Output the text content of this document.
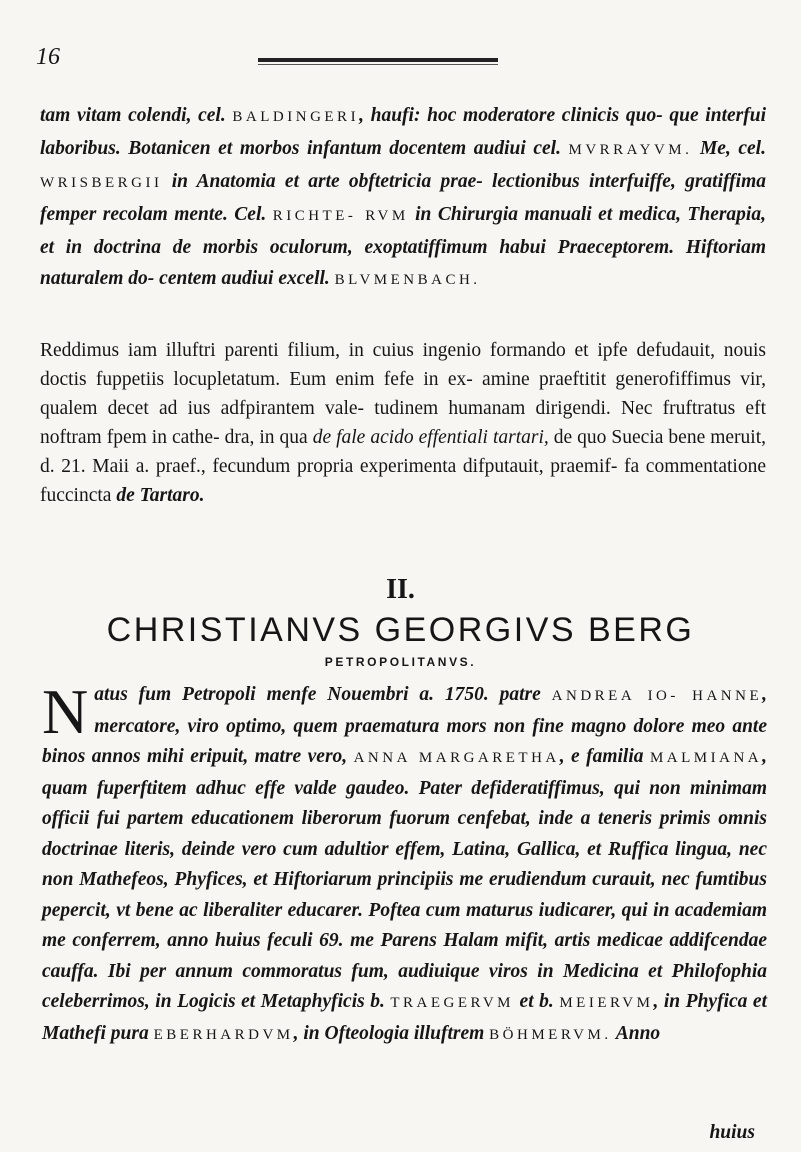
16

tam vitam colendi, cel. BALDINGERI, haufi: hoc moderatore clinicis quo- que interfui laboribus. Botanicen et morbos infantum docentem audiui cel. MVRRAYVM. Me, cel. WRISBERGII in Anatomia et arte obftetricia prae- lectionibus interfuiffe, gratiffima femper recolam mente. Cel. RICHTE- RVM in Chirurgia manuali et medica, Therapia, et in doctrina de morbis oculorum, exoptatiffimum habui Praeceptorem. Hiftoriam naturalem do- centem audiui excell. BLVMENBACH.

Reddimus iam illuftri parenti filium, in cuius ingenio formando et ipfe defudauit, nouis doctis fuppetiis locupletatum. Eum enim fefe in ex- amine praeftitit generofiffimus vir, qualem decet ad ius adfpirantem vale- tudinem humanam dirigendi. Nec fruftratus eft noftram fpem in cathe- dra, in qua de fale acido effentiali tartari, de quo Suecia bene meruit, d. 21. Maii a. praef., fecundum propria experimenta difputauit, praemif- fa commentatione fuccincta de Tartaro.

II.
CHRISTIANVS GEORGIVS BERG
PETROPOLITANVS.

Natus fum Petropoli menfe Nouembri a. 1750. patre ANDREA IO- HANNE, mercatore, viro optimo, quem praematura mors non fine magno dolore meo ante binos annos mihi eripuit, matre vero, ANNA MARGARETHA, e familia MALMIANA, quam fuperftitem adhuc effe valde gaudeo. Pater defideratiffimus, qui non minimam officii fui partem educationem liberorum fuorum cenfebat, inde a teneris primis omnis doctrinae literis, deinde vero cum adultior effem, Latina, Gallica, et Ruffica lingua, nec non Mathefeos, Phyfices, et Hiftoriarum principiis me erudiendum curauit, nec fumtibus pepercit, vt bene ac liberaliter educarer. Poftea cum maturus iudicarer, qui in academiam me conferrem, anno huius feculi 69. me Parens Halam mifit, artis medicae addifcendae cauffa. Ibi per annum commoratus fum, audiuique viros in Medicina et Philofophia celeberrimos, in Logicis et Metaphyficis b. TRAEGERVM et b. MEIERVM, in Phyfica et Mathefi pura EBERHARDVM, in Ofteologia illuftrem BÖHMERVM. Anno

huius
